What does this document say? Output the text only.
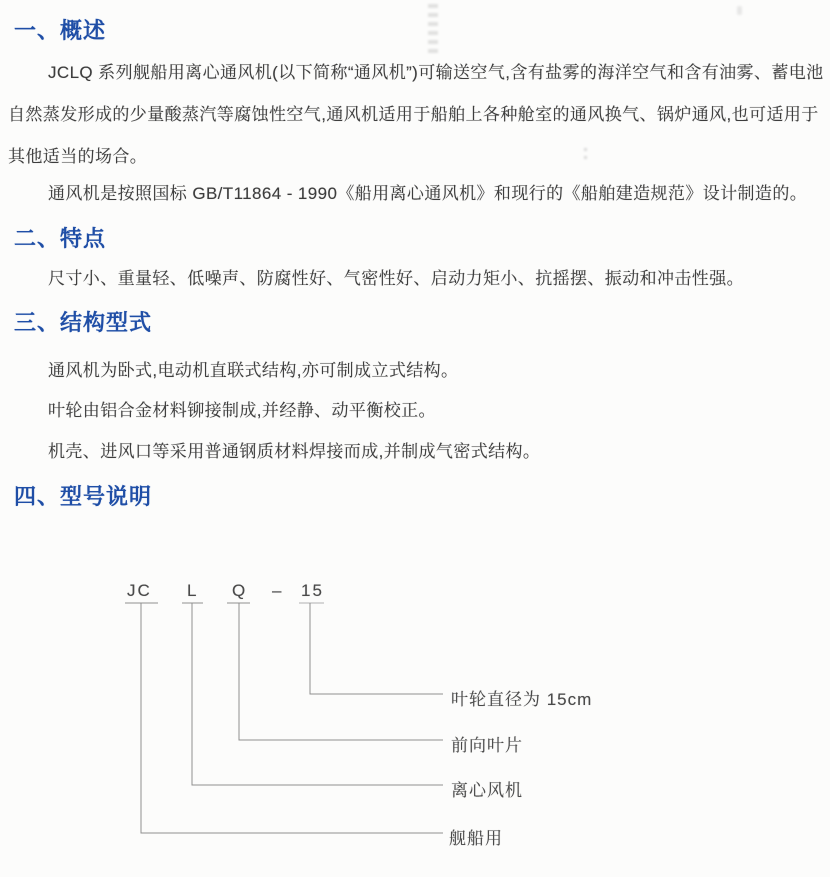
一、概述
JCLQ 系列舰船用离心通风机(以下简称“通风机”)可输送空气,含有盐雾的海洋空气和含有油雾、蓄电池自然蒸发形成的少量酸蒸汽等腐蚀性空气,通风机适用于船舶上各种舱室的通风换气、锅炉通风,也可适用于其他适当的场合。
通风机是按照国标 GB/T11864 - 1990《船用离心通风机》和现行的《船舶建造规范》设计制造的。
二、特点
尺寸小、重量轻、低噪声、防腐性好、气密性好、启动力矩小、抗摇摆、振动和冲击性强。
三、结构型式
通风机为卧式,电动机直联式结构,亦可制成立式结构。
叶轮由铝合金材料铆接制成,并经静、动平衡校正。
机壳、进风口等采用普通钢质材料焊接而成,并制成气密式结构。
四、型号说明
JC L Q – 15
叶轮直径为 15cm
前向叶片
离心风机
舰船用
